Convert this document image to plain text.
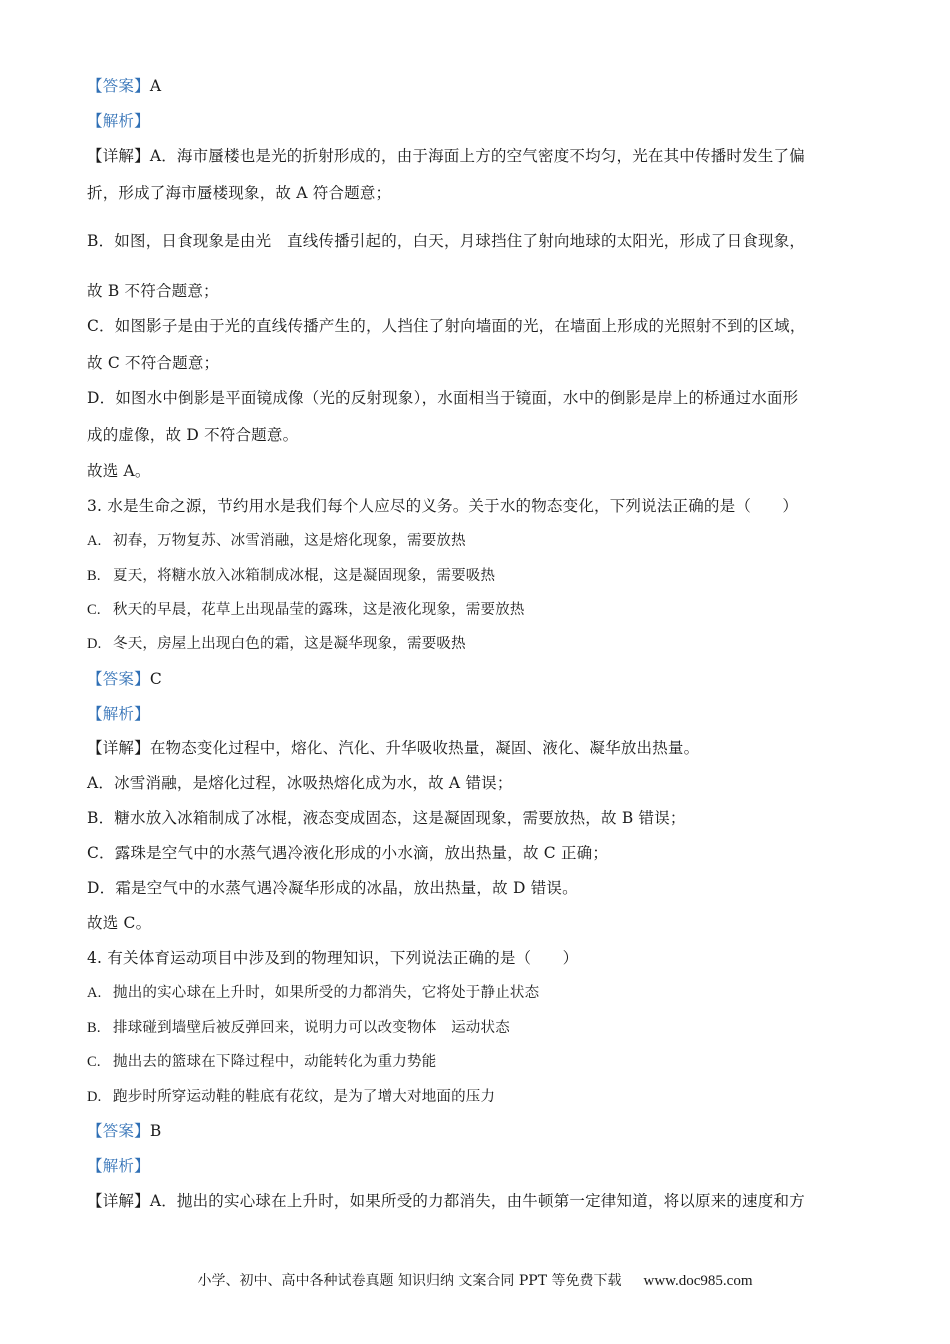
【答案】A
【解析】
【详解】A．海市蜃楼也是光的折射形成的，由于海面上方的空气密度不均匀，光在其中传播时发生了偏
折，形成了海市蜃楼现象，故 A 符合题意；
B．如图，日食现象是由光　直线传播引起的，白天，月球挡住了射向地球的太阳光，形成了日食现象，
故 B 不符合题意；
C．如图影子是由于光的直线传播产生的，人挡住了射向墙面的光，在墙面上形成的光照射不到的区域，
故 C 不符合题意；
D．如图水中倒影是平面镜成像（光的反射现象），水面相当于镜面，水中的倒影是岸上的桥通过水面形
成的虚像，故 D 不符合题意。
故选 A。
3. 水是生命之源，节约用水是我们每个人应尽的义务。关于水的物态变化，下列说法正确的是（　　）
A. 初春，万物复苏、冰雪消融，这是熔化现象，需要放热
B. 夏天，将糖水放入冰箱制成冰棍，这是凝固现象，需要吸热
C. 秋天的早晨，花草上出现晶莹的露珠，这是液化现象，需要放热
D. 冬天，房屋上出现白色的霜，这是凝华现象，需要吸热
【答案】C
【解析】
【详解】在物态变化过程中，熔化、汽化、升华吸收热量，凝固、液化、凝华放出热量。
A．冰雪消融，是熔化过程，冰吸热熔化成为水，故 A 错误；
B．糖水放入冰箱制成了冰棍，液态变成固态，这是凝固现象，需要放热，故 B 错误；
C．露珠是空气中的水蒸气遇冷液化形成的小水滴，放出热量，故 C 正确；
D．霜是空气中的水蒸气遇冷凝华形成的冰晶，放出热量，故 D 错误。
故选 C。
4. 有关体育运动项目中涉及到的物理知识，下列说法正确的是（　　）
A. 抛出的实心球在上升时，如果所受的力都消失，它将处于静止状态
B. 排球碰到墙壁后被反弹回来，说明力可以改变物体　运动状态
C. 抛出去的篮球在下降过程中，动能转化为重力势能
D. 跑步时所穿运动鞋的鞋底有花纹，是为了增大对地面的压力
【答案】B
【解析】
【详解】A．抛出的实心球在上升时，如果所受的力都消失，由牛顿第一定律知道，将以原来的速度和方
小学、初中、高中各种试卷真题 知识归纳 文案合同 PPT 等免费下载 www.doc985.com
